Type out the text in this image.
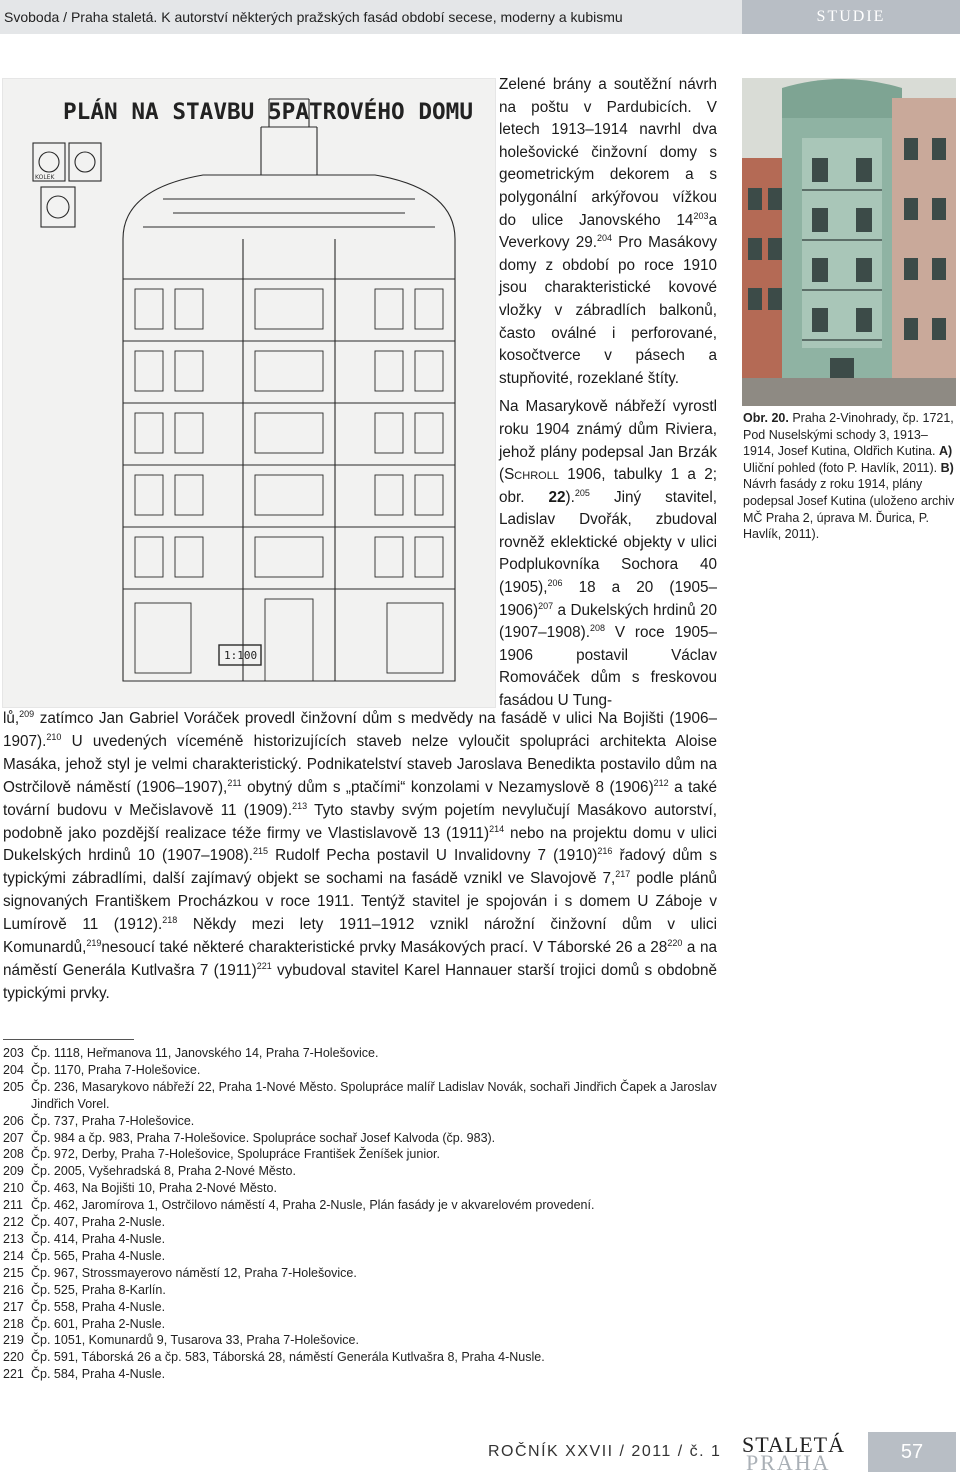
Svoboda / Praha staletá. K autorství některých pražských fasád období secese, moderny a kubismu	STUDIE
PLÁN NA STAVBU 5PATROVÉHO DOMU
KOLEK
1:100

Zelené brány a soutěžní návrh na poštu v Pardubicích. V letech 1913–1914 navrhl dva holešovické činžovní domy s geometrickým dekorem a s polygonální arkýřovou vížkou do ulice Janovského $14^{203}a$ Veverkovy 29.$^{204}$ Pro Masákovy domy z období po roce 1910 jsou charakteristické kovové vložky v zábradlích balkonů, často oválné i perforované, kosočtverce v pásech a stupňovité, rozeklané štíty.

Na Masarykově nábřeží vyrostl roku 1904 známý dům Riviera, jehož plány podepsal Jan Brzák (Schroll 1906, tabulky 1 a 2; obr. 22).$^{205}$ Jiný stavitel, Ladislav Dvořák, zbudoval rovněž eklektické objekty v ulici Podplukovníka Sochora 40 (1905),$^{206}$ 18 a 20 (1905–1906)$^{207}$ a Dukelských hrdinů 20 (1907–1908).$^{208}$ V roce 1905–1906 postavil Václav Romováček dům s freskovou fasádou U Tung-

Obr. 20. Praha 2-Vinohrady, čp. 1721, Pod Nuselskými schody 3, 1913–1914, Josef Kutina, Oldřich Kutina. A) Uliční pohled (foto P. Havlík, 2011). B) Návrh fasády z roku 1914, plány podepsal Josef Kutina (uloženo archiv MČ Praha 2, úprava M. Ďurica, P. Havlík, 2011).

lů,$^{209}$ zatímco Jan Gabriel Voráček provedl činžovní dům s medvědy na fasádě v ulici Na Bojišti (1906–1907).$^{210}$ U uvedených víceméně historizujících staveb nelze vyloučit spolupráci architekta Aloise Masáka, jehož styl je velmi charakteristický. Podnikatelství staveb Jaroslava Benedikta postavilo dům na Ostrčilově náměstí (1906–1907),$^{211}$ obytný dům s „ptačími“ konzolami v Nezamyslově 8 $(1906)^{212}$ a také tovární budovu v Mečislavově 11 (1909).$^{213}$ Tyto stavby svým pojetím nevylučují Masákovo autorství, podobně jako pozdější realizace téže firmy ve Vlastislavově 13 $(1911)^{214}$ nebo na projektu domu v ulici Dukelských hrdinů 10 (1907–1908).$^{215}$ Rudolf Pecha postavil U Invalidovny 7 $(1910)^{216}$ řadový dům s typickými zábradlími, další zajímavý objekt se sochami na fasádě vznikl ve Slavojově 7,$^{217}$ podle plánů signovaných Františkem Procházkou v roce 1911. Tentýž stavitel je spojován i s domem U Záboje v Lumírově 11 (1912).$^{218}$ Někdy mezi lety 1911–1912 vznikl nárožní činžovní dům v ulici Komunardů,$^{219}$nesoucí také některé charakteristické prvky Masákových prací. V Táborské 26 a $28^{220}$ a na náměstí Generála Kutlvašra 7 $(1911)^{221}$ vybudoval stavitel Karel Hannauer starší trojici domů s obdobně typickými prvky.

203 Čp. 1118, Heřmanova 11, Janovského 14, Praha 7-Holešovice.
204 Čp. 1170, Praha 7-Holešovice.
205 Čp. 236, Masarykovo nábřeží 22, Praha 1-Nové Město. Spolupráce malíř Ladislav Novák, sochaři Jindřich Čapek a Jaroslav Jindřich Vorel.
206 Čp. 737, Praha 7-Holešovice.
207 Čp. 984 a čp. 983, Praha 7-Holešovice. Spolupráce sochař Josef Kalvoda (čp. 983).
208 Čp. 972, Derby, Praha 7-Holešovice, Spolupráce František Ženíšek junior.
209 Čp. 2005, Vyšehradská 8, Praha 2-Nové Město.
210 Čp. 463, Na Bojišti 10, Praha 2-Nové Město.
211 Čp. 462, Jaromírova 1, Ostrčilovo náměstí 4, Praha 2-Nusle, Plán fasády je v akvarelovém provedení.
212 Čp. 407, Praha 2-Nusle.
213 Čp. 414, Praha 4-Nusle.
214 Čp. 565, Praha 4-Nusle.
215 Čp. 967, Strossmayerovo náměstí 12, Praha 7-Holešovice.
216 Čp. 525, Praha 8-Karlín.
217 Čp. 558, Praha 4-Nusle.
218 Čp. 601, Praha 2-Nusle.
219 Čp. 1051, Komunardů 9, Tusarova 33, Praha 7-Holešovice.
220 Čp. 591, Táborská 26 a čp. 583, Táborská 28, náměstí Generála Kutlvašra 8, Praha 4-Nusle.
221 Čp. 584, Praha 4-Nusle.
ROČNÍK XXVII / 2011 / č. 1 STALETÁ
PRAHA	57
